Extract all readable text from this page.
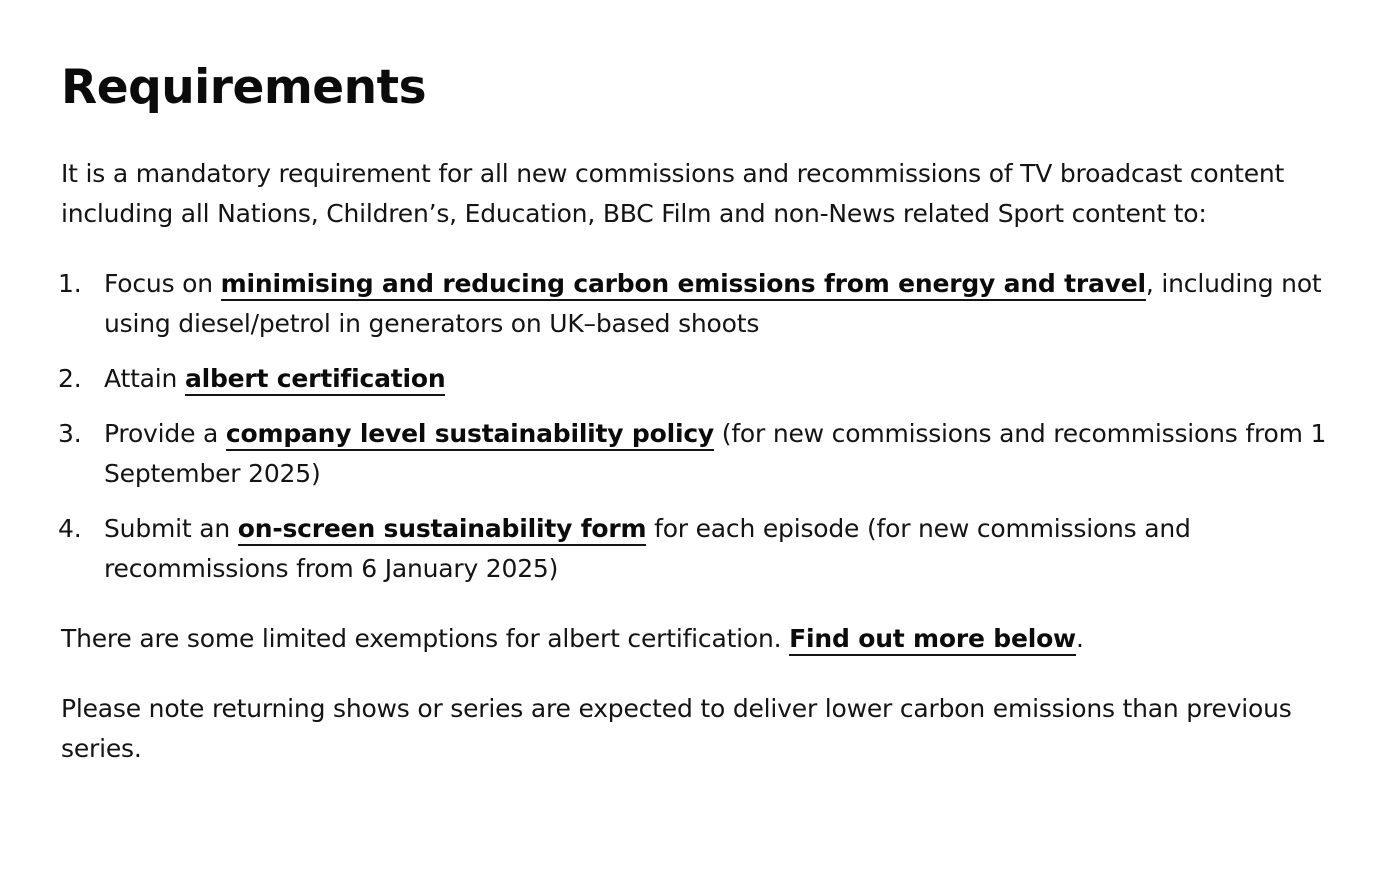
Requirements

It is a mandatory requirement for all new commissions and recommissions of TV broadcast content including all Nations, Children’s, Education, BBC Film and non-News related Sport content to:

1. Focus on minimising and reducing carbon emissions from energy and travel, including not using diesel/petrol in generators on UK–based shoots
2. Attain albert certification
3. Provide a company level sustainability policy (for new commissions and recommissions from 1 September 2025)
4. Submit an on-screen sustainability form for each episode (for new commissions and recommissions from 6 January 2025)

There are some limited exemptions for albert certification. Find out more below.

Please note returning shows or series are expected to deliver lower carbon emissions than previous series.
